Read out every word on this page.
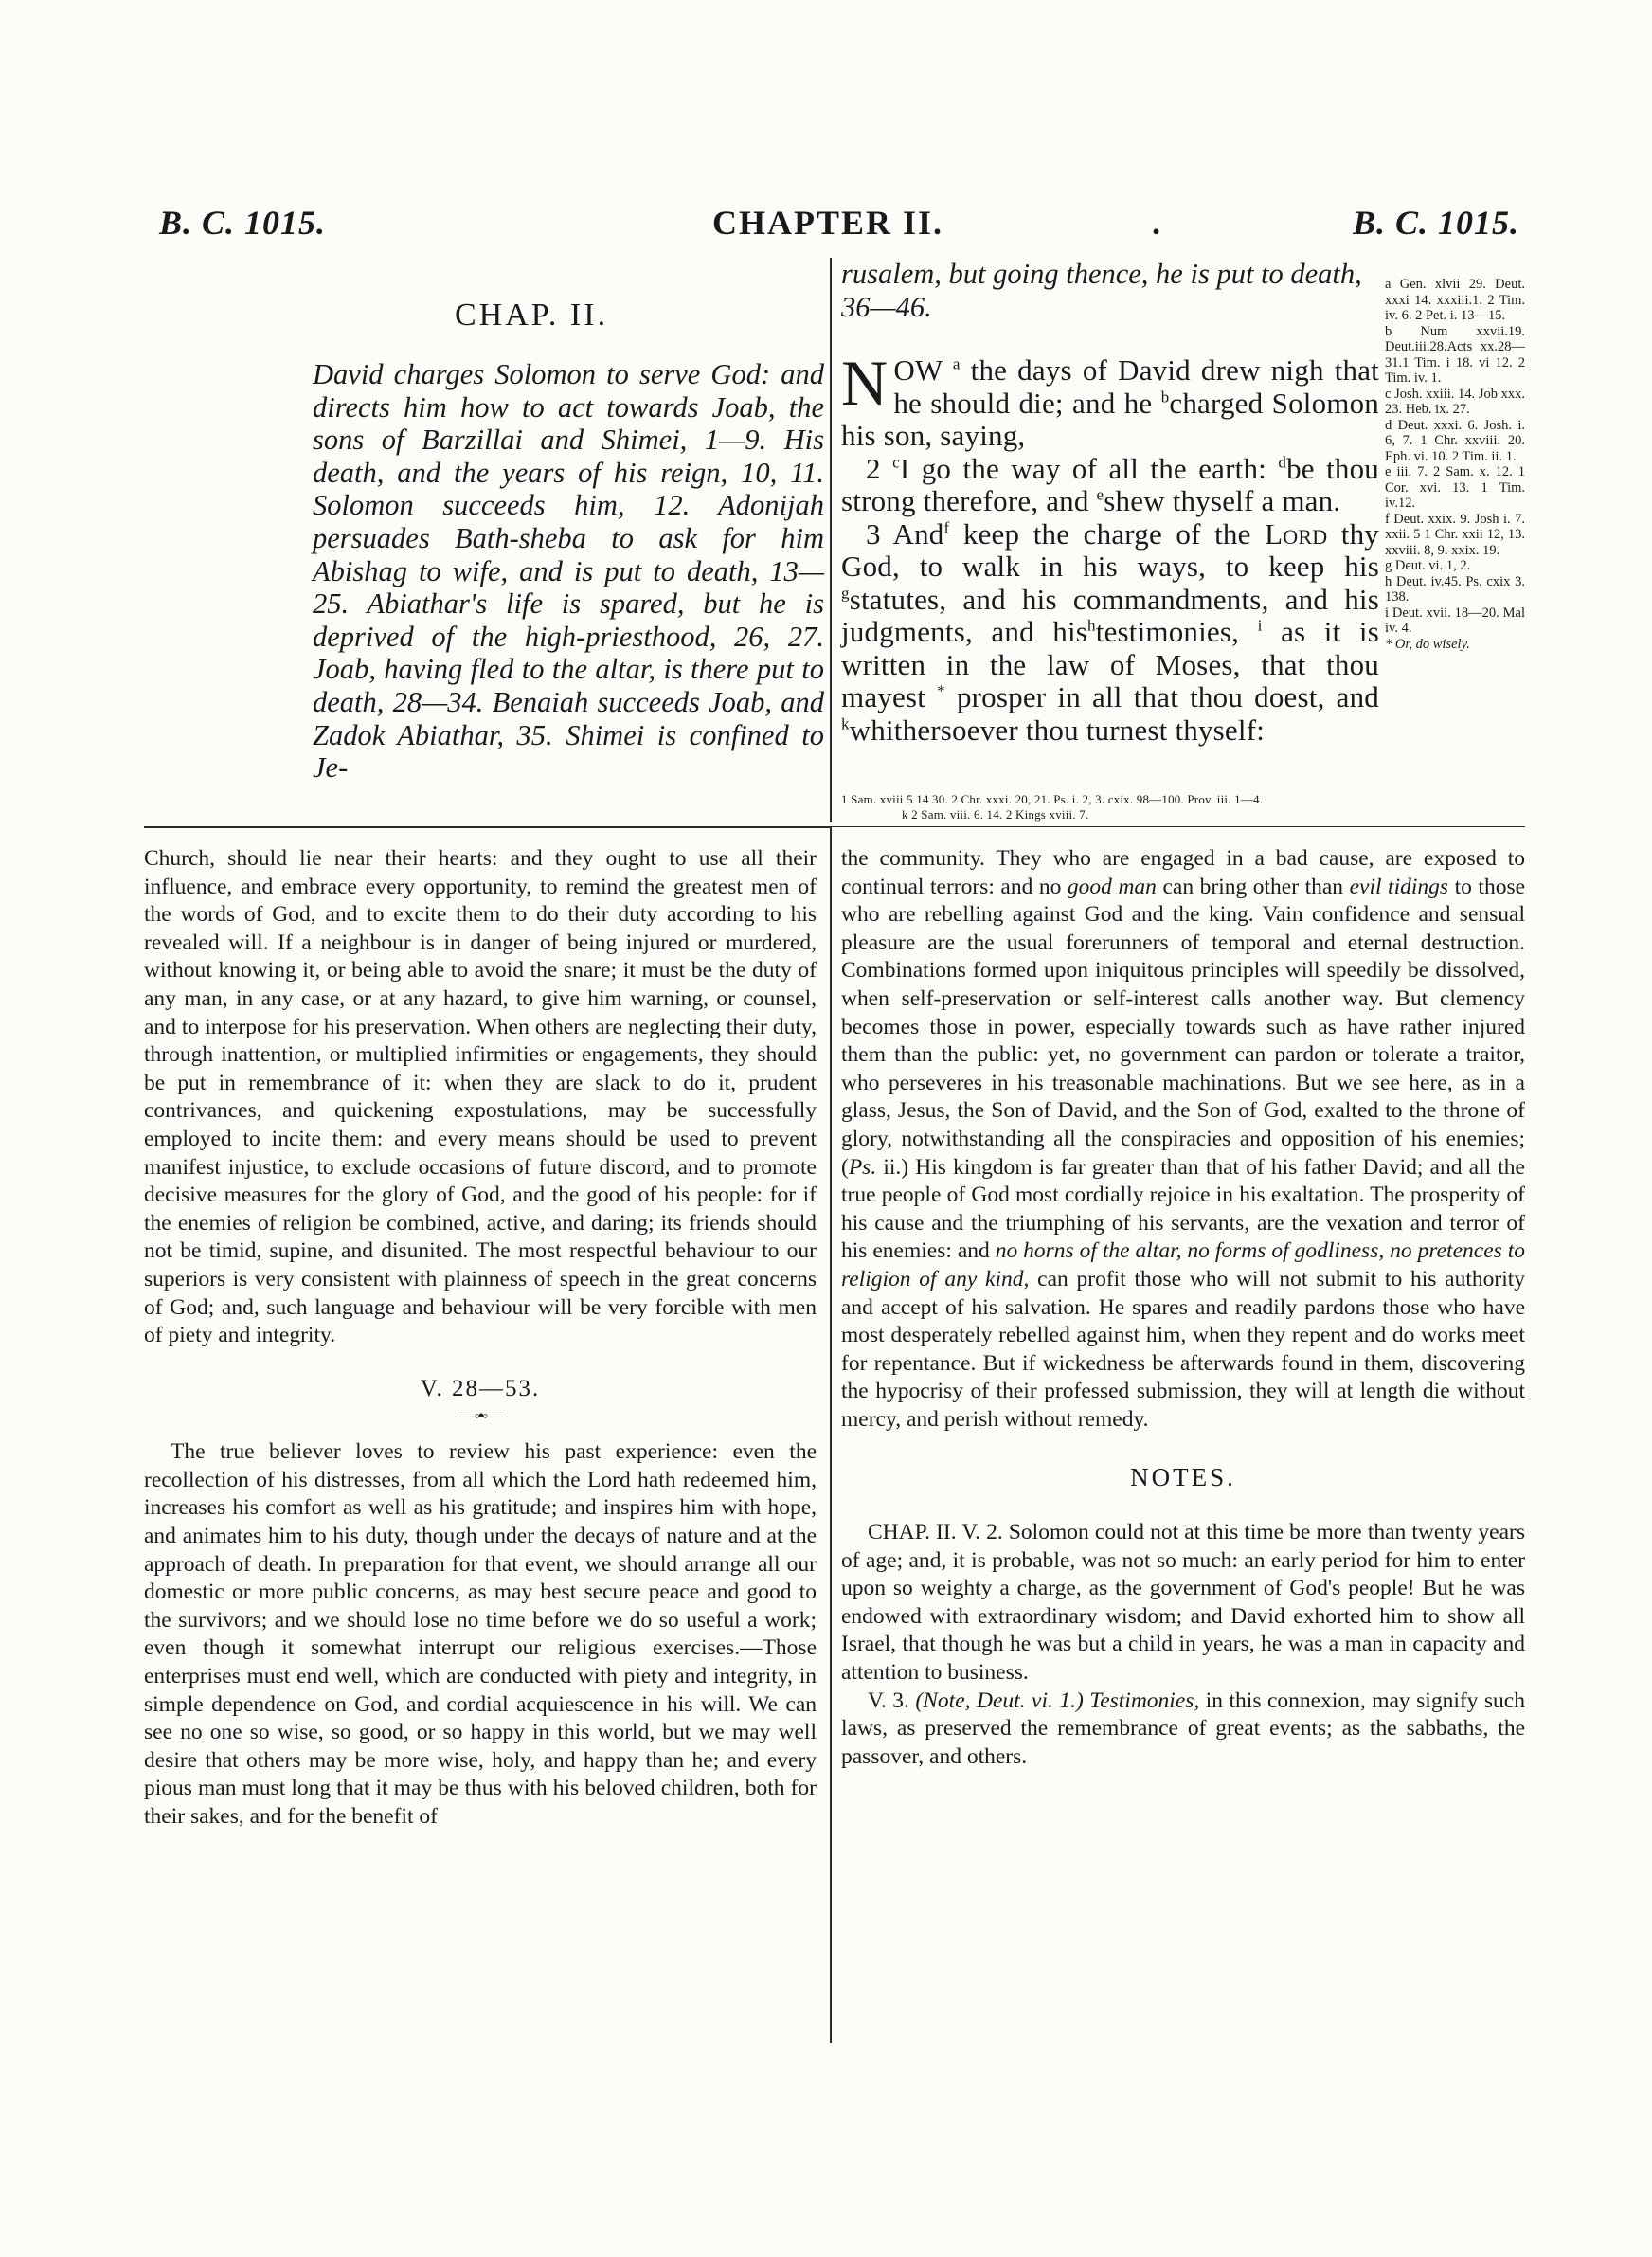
B. C. 1015.	CHAPTER II.	.	B. C. 1015.
CHAP. II.
David charges Solomon to serve God: and directs him how to act towards Joab, the sons of Barzillai and Shimei, 1—9. His death, and the years of his reign, 10, 11. Solomon succeeds him, 12. Adonijah persuades Bath-sheba to ask for him Abishag to wife, and is put to death, 13—25. Abiathar's life is spared, but he is deprived of the high-priesthood, 26, 27. Joab, having fled to the altar, is there put to death, 28—34. Benaiah succeeds Joab, and Zadok Abiathar, 35. Shimei is confined to Je-
rusalem, but going thence, he is put to death, 36—46.

NOW $^a$ the days of David drew nigh that he should die; and he $^b$charged Solomon his son, saying,

2 $^c$I go the way of all the earth: $^d$be thou strong therefore, and $^e$shew thyself a man.

3 And$^f$ keep the charge of the Lord thy God, to walk in his ways, to keep his $^g$statutes, and his commandments, and his judgments, and his$^h$testimonies, $^i$ as it is written in the law of Moses, that thou mayest * prosper in all that thou doest, and $^k$whithersoever thou turnest thyself:

a Gen. xlvii 29. Deut. xxxi 14. xxxiii.1. 2 Tim. iv. 6. 2 Pet. i. 13—15.
b Num xxvii.19. Deut.iii.28.Acts xx.28—31.1 Tim. i 18. vi 12. 2 Tim. iv. 1.
c Josh. xxiii. 14. Job xxx. 23. Heb. ix. 27.
d Deut. xxxi. 6. Josh. i. 6, 7. 1 Chr. xxviii. 20. Eph. vi. 10. 2 Tim. ii. 1.
e iii. 7. 2 Sam. x. 12. 1 Cor. xvi. 13. 1 Tim. iv.12.
f Deut. xxix. 9. Josh i. 7. xxii. 5 1 Chr. xxii 12, 13. xxviii. 8, 9. xxix. 19.
g Deut. vi. 1, 2.
h Deut. iv.45. Ps. cxix 3. 138.
i Deut. xvii. 18—20. Mal iv. 4.
* Or, do wisely.
1 Sam. xviii 5 14 30. 2 Chr. xxxi. 20, 21. Ps. i. 2, 3. cxix. 98—100. Prov. iii. 1—4.
k 2 Sam. viii. 6. 14. 2 Kings xviii. 7.

Church, should lie near their hearts: and they ought to use all their influence, and embrace every opportunity, to remind the greatest men of the words of God, and to excite them to do their duty according to his revealed will. If a neighbour is in danger of being injured or murdered, without knowing it, or being able to avoid the snare; it must be the duty of any man, in any case, or at any hazard, to give him warning, or counsel, and to interpose for his preservation. When others are neglecting their duty, through inattention, or multiplied infirmities or engagements, they should be put in remembrance of it: when they are slack to do it, prudent contrivances, and quickening expostulations, may be successfully employed to incite them: and every means should be used to prevent manifest injustice, to exclude occasions of future discord, and to promote decisive measures for the glory of God, and the good of his people: for if the enemies of religion be combined, active, and daring; its friends should not be timid, supine, and disunited. The most respectful behaviour to our superiors is very consistent with plainness of speech in the great concerns of God; and, such language and behaviour will be very forcible with men of piety and integrity.

V. 28—53.
—◦•◦—

The true believer loves to review his past experience: even the recollection of his distresses, from all which the Lord hath redeemed him, increases his comfort as well as his gratitude; and inspires him with hope, and animates him to his duty, though under the decays of nature and at the approach of death. In preparation for that event, we should arrange all our domestic or more public concerns, as may best secure peace and good to the survivors; and we should lose no time before we do so useful a work; even though it somewhat interrupt our religious exercises.—Those enterprises must end well, which are conducted with piety and integrity, in simple dependence on God, and cordial acquiescence in his will. We can see no one so wise, so good, or so happy in this world, but we may well desire that others may be more wise, holy, and happy than he; and every pious man must long that it may be thus with his beloved children, both for their sakes, and for the benefit of

the community. They who are engaged in a bad cause, are exposed to continual terrors: and no good man can bring other than evil tidings to those who are rebelling against God and the king. Vain confidence and sensual pleasure are the usual forerunners of temporal and eternal destruction. Combinations formed upon iniquitous principles will speedily be dissolved, when self-preservation or self-interest calls another way. But clemency becomes those in power, especially towards such as have rather injured them than the public: yet, no government can pardon or tolerate a traitor, who perseveres in his treasonable machinations. But we see here, as in a glass, Jesus, the Son of David, and the Son of God, exalted to the throne of glory, notwithstanding all the conspiracies and opposition of his enemies; (Ps. ii.) His kingdom is far greater than that of his father David; and all the true people of God most cordially rejoice in his exaltation. The prosperity of his cause and the triumphing of his servants, are the vexation and terror of his enemies: and no horns of the altar, no forms of godliness, no pretences to religion of any kind, can profit those who will not submit to his authority and accept of his salvation. He spares and readily pardons those who have most desperately rebelled against him, when they repent and do works meet for repentance. But if wickedness be afterwards found in them, discovering the hypocrisy of their professed submission, they will at length die without mercy, and perish without remedy.

NOTES.

CHAP. II. V. 2. Solomon could not at this time be more than twenty years of age; and, it is probable, was not so much: an early period for him to enter upon so weighty a charge, as the government of God's people! But he was endowed with extraordinary wisdom; and David exhorted him to show all Israel, that though he was but a child in years, he was a man in capacity and attention to business.

V. 3. (Note, Deut. vi. 1.) Testimonies, in this connexion, may signify such laws, as preserved the remembrance of great events; as the sabbaths, the passover, and others.
